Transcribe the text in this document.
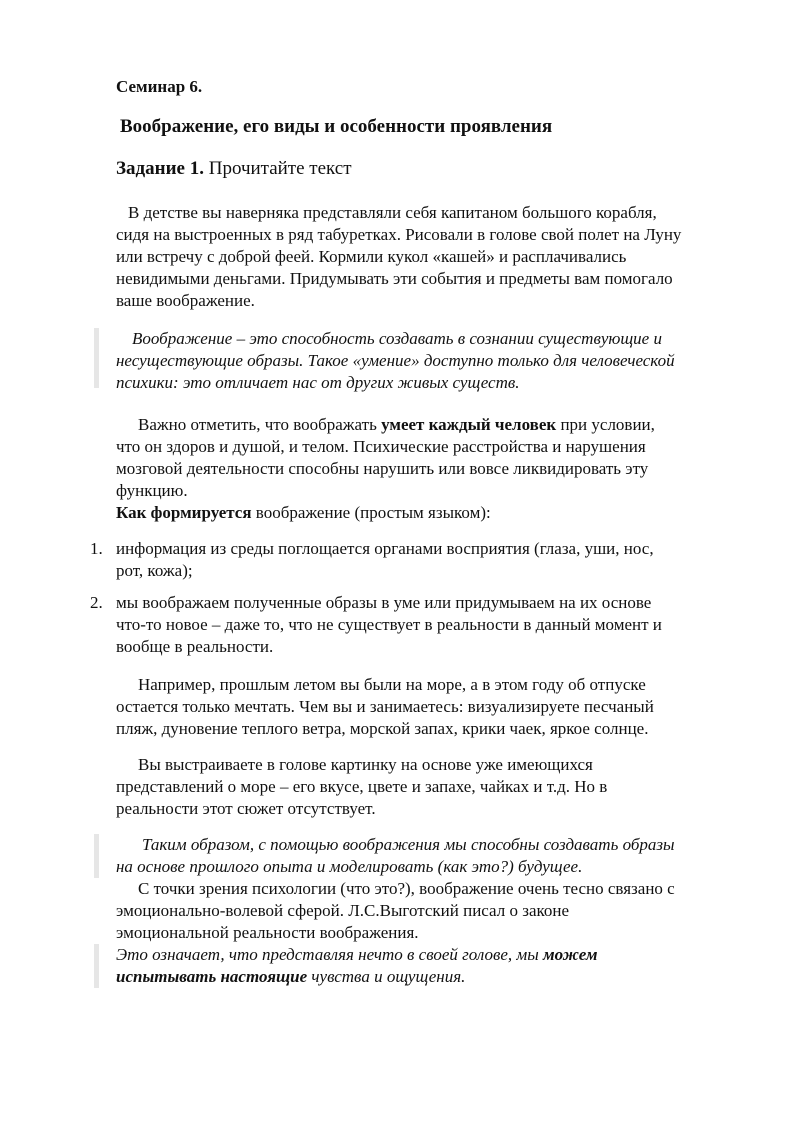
Семинар 6.
Воображение, его виды и особенности проявления
Задание 1. Прочитайте текст
В детстве вы наверняка представляли себя капитаном большого корабля,
сидя на выстроенных в ряд табуретках. Рисовали в голове свой полет на Луну
или встречу с доброй феей. Кормили кукол «кашей» и расплачивались
невидимыми деньгами. Придумывать эти события и предметы вам помогало
ваше воображение.
Воображение – это способность создавать в сознании существующие и
несуществующие образы. Такое «умение» доступно только для человеческой
психики: это отличает нас от других живых существ.
Важно отметить, что воображать умеет каждый человек при условии,
что он здоров и душой, и телом. Психические расстройства и нарушения
мозговой деятельности способны нарушить или вовсе ликвидировать эту
функцию.
Как формируется воображение (простым языком):
1. информация из среды поглощается органами восприятия (глаза, уши, нос,
рот, кожа);
2. мы воображаем полученные образы в уме или придумываем на их основе
что-то новое – даже то, что не существует в реальности в данный момент и
вообще в реальности.
Например, прошлым летом вы были на море, а в этом году об отпуске
остается только мечтать. Чем вы и занимаетесь: визуализируете песчаный
пляж, дуновение теплого ветра, морской запах, крики чаек, яркое солнце.
Вы выстраиваете в голове картинку на основе уже имеющихся
представлений о море – его вкусе, цвете и запахе, чайках и т.д. Но в
реальности этот сюжет отсутствует.
Таким образом, с помощью воображения мы способны создавать образы
на основе прошлого опыта и моделировать (как это?) будущее.
С точки зрения психологии (что это?), воображение очень тесно связано с
эмоционально-волевой сферой. Л.С.Выготский писал о законе
эмоциональной реальности воображения.
Это означает, что представляя нечто в своей голове, мы можем
испытывать настоящие чувства и ощущения.
